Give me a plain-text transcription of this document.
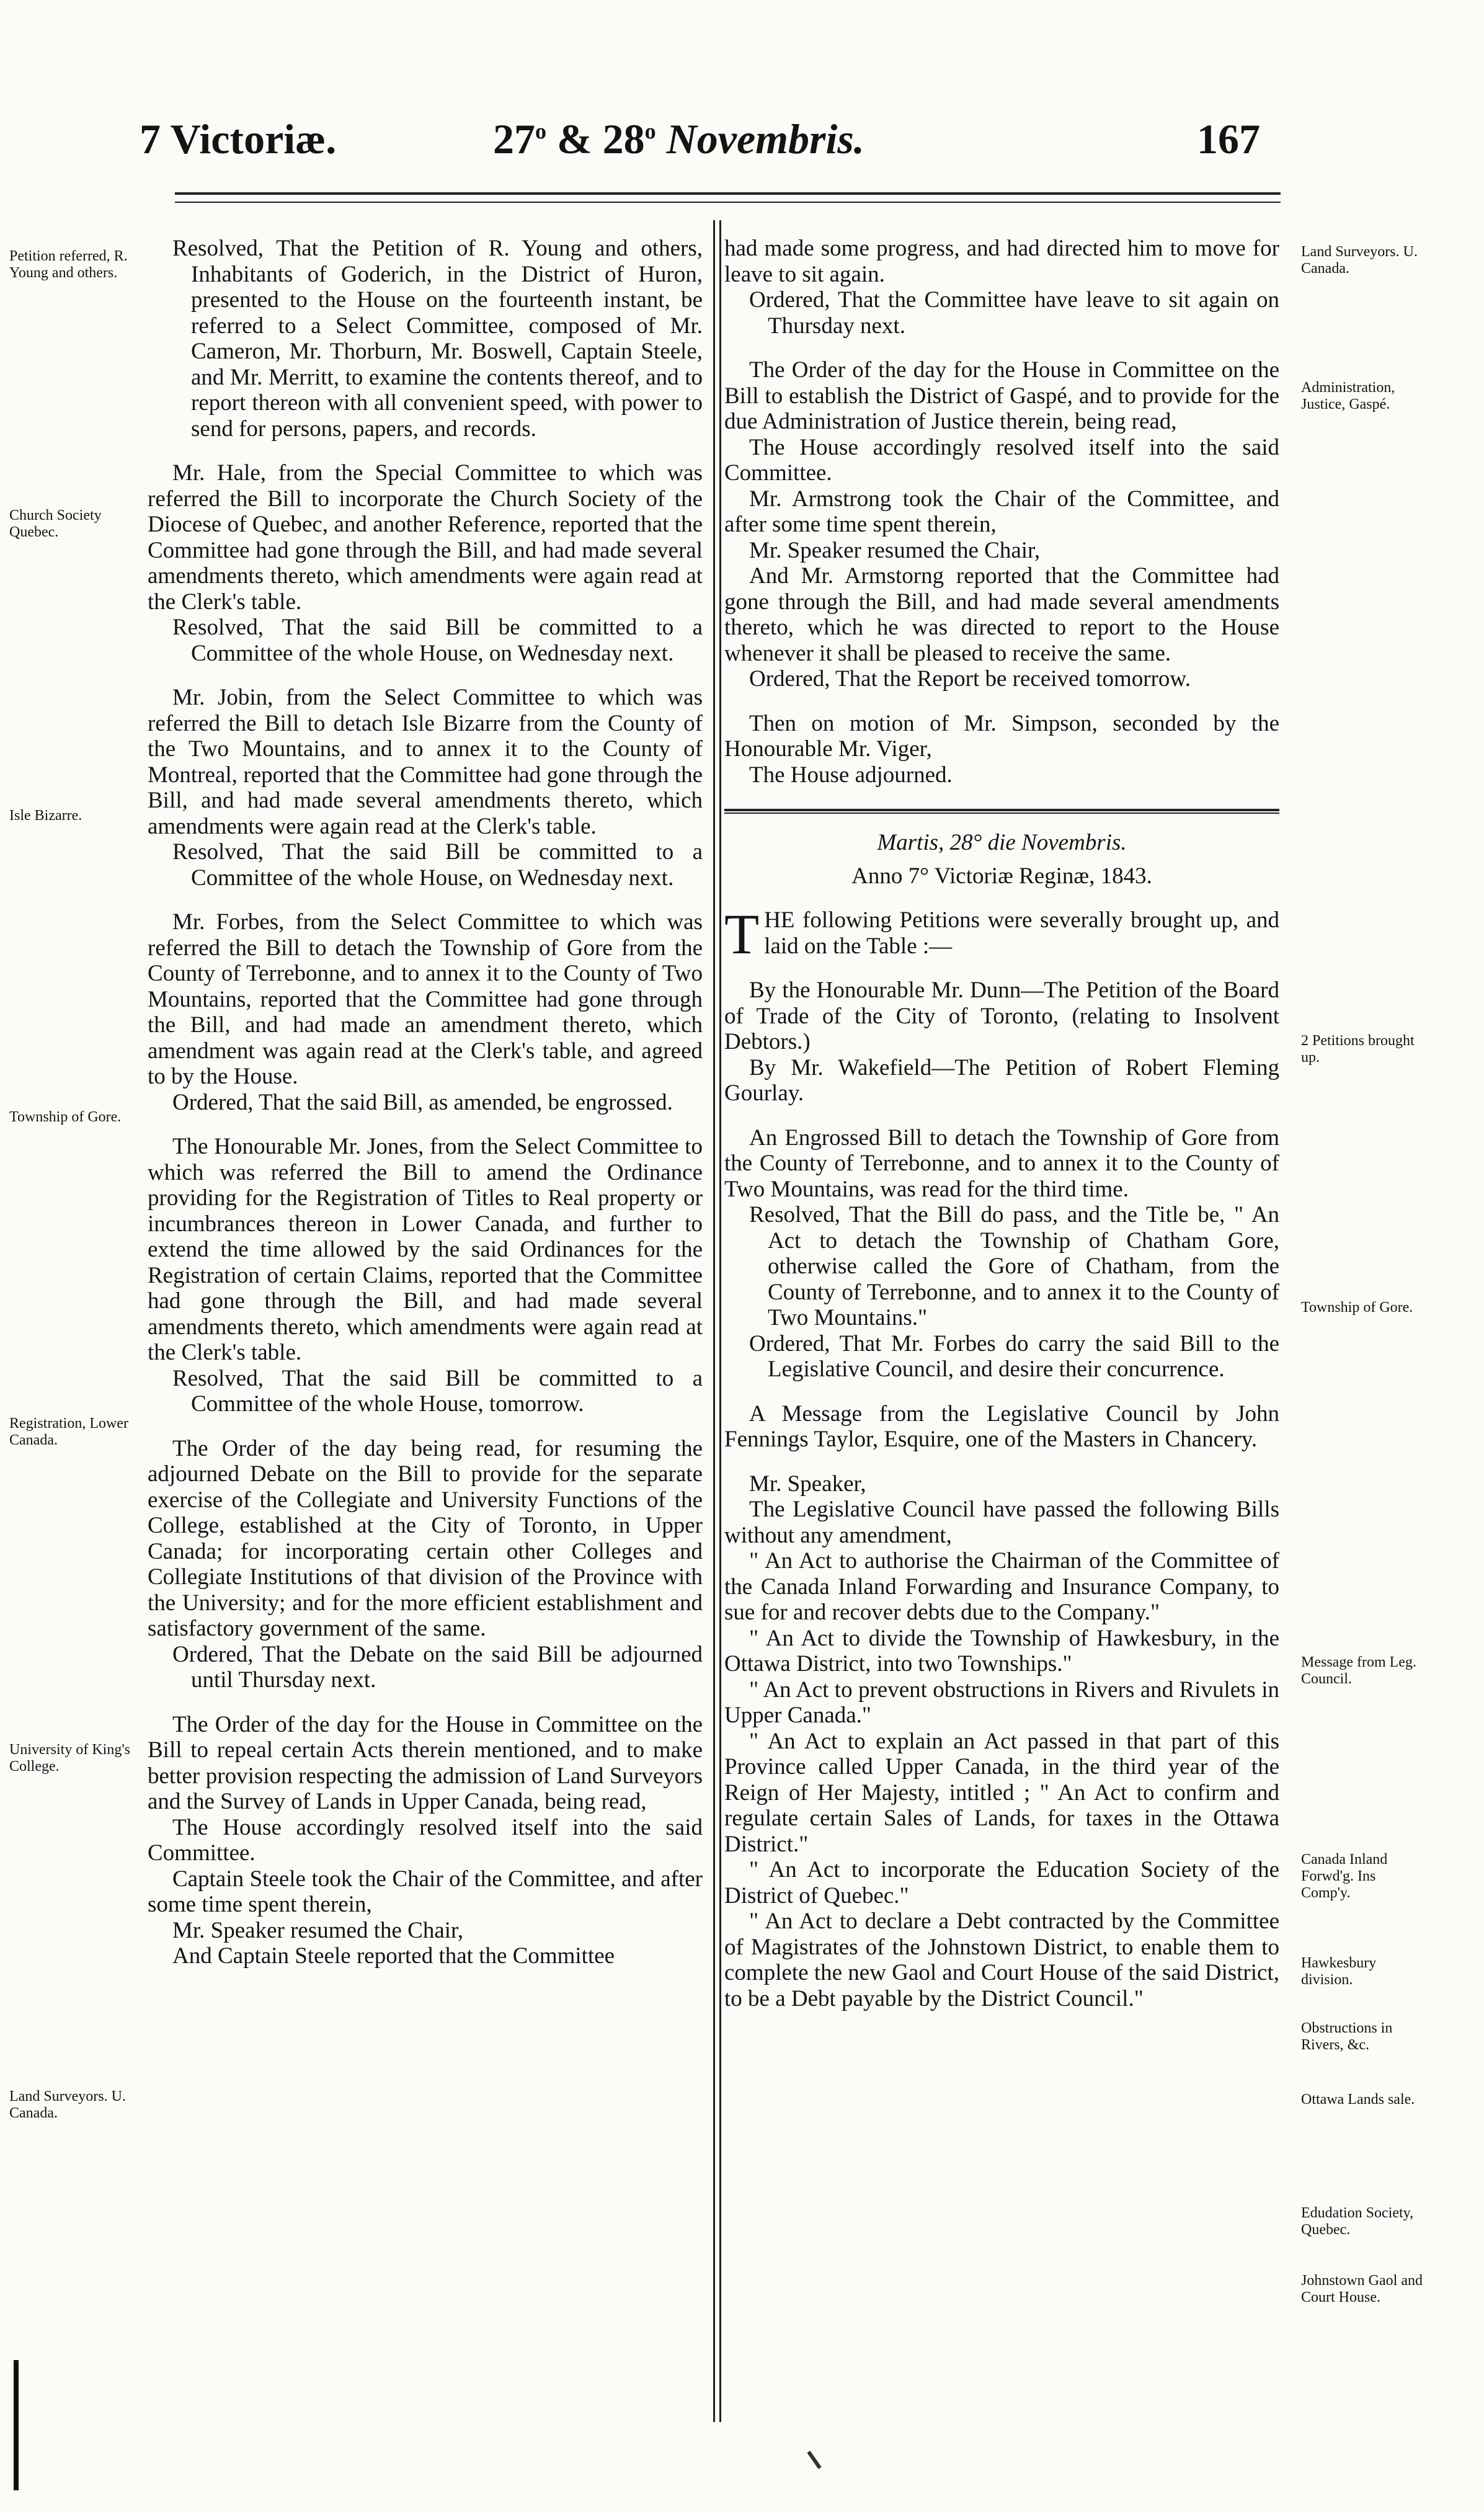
7 Victoriæ.	27$^o$ & 28$^o$ Novembris.	167
Petition referred, R. Young and others.
Church Society Quebec.
Isle Bizarre.
Township of Gore.
Registration, Lower Canada.
University of King's College.
Land Surveyors. U. Canada.
Land Surveyors. U. Canada.
Administration, Justice, Gaspé.
2 Petitions brought up.
Township of Gore.
Message from Leg. Council.
Canada Inland Forwd'g. Ins Comp'y.
Hawkesbury division.
Obstructions in Rivers, &c.
Ottawa Lands sale.
Edudation Society, Quebec.
Johnstown Gaol and Court House.

Resolved, That the Petition of R. Young and others, Inhabitants of Goderich, in the District of Huron, presented to the House on the fourteenth instant, be referred to a Select Committee, composed of Mr. Cameron, Mr. Thorburn, Mr. Boswell, Captain Steele, and Mr. Merritt, to examine the contents thereof, and to report thereon with all convenient speed, with power to send for persons, papers, and records.

Mr. Hale, from the Special Committee to which was referred the Bill to incorporate the Church Society of the Diocese of Quebec, and another Reference, reported that the Committee had gone through the Bill, and had made several amendments thereto, which amendments were again read at the Clerk's table.

Resolved, That the said Bill be committed to a Committee of the whole House, on Wednesday next.

Mr. Jobin, from the Select Committee to which was referred the Bill to detach Isle Bizarre from the County of the Two Mountains, and to annex it to the County of Montreal, reported that the Committee had gone through the Bill, and had made several amendments thereto, which amendments were again read at the Clerk's table.

Resolved, That the said Bill be committed to a Committee of the whole House, on Wednesday next.

Mr. Forbes, from the Select Committee to which was referred the Bill to detach the Township of Gore from the County of Terrebonne, and to annex it to the County of Two Mountains, reported that the Committee had gone through the Bill, and had made an amendment thereto, which amendment was again read at the Clerk's table, and agreed to by the House.

Ordered, That the said Bill, as amended, be engrossed.

The Honourable Mr. Jones, from the Select Committee to which was referred the Bill to amend the Ordinance providing for the Registration of Titles to Real property or incumbrances thereon in Lower Canada, and further to extend the time allowed by the said Ordinances for the Registration of certain Claims, reported that the Committee had gone through the Bill, and had made several amendments thereto, which amendments were again read at the Clerk's table.

Resolved, That the said Bill be committed to a Committee of the whole House, tomorrow.

The Order of the day being read, for resuming the adjourned Debate on the Bill to provide for the separate exercise of the Collegiate and University Functions of the College, established at the City of Toronto, in Upper Canada; for incorporating certain other Colleges and Collegiate Institutions of that division of the Province with the University; and for the more efficient establishment and satisfactory government of the same.

Ordered, That the Debate on the said Bill be adjourned until Thursday next.

The Order of the day for the House in Committee on the Bill to repeal certain Acts therein mentioned, and to make better provision respecting the admission of Land Surveyors and the Survey of Lands in Upper Canada, being read,

The House accordingly resolved itself into the said Committee.

Captain Steele took the Chair of the Committee, and after some time spent therein,

Mr. Speaker resumed the Chair,

And Captain Steele reported that the Committee

had made some progress, and had directed him to move for leave to sit again.

Ordered, That the Committee have leave to sit again on Thursday next.

The Order of the day for the House in Committee on the Bill to establish the District of Gaspé, and to provide for the due Administration of Justice therein, being read,

The House accordingly resolved itself into the said Committee.

Mr. Armstrong took the Chair of the Committee, and after some time spent therein,

Mr. Speaker resumed the Chair,

And Mr. Armstorng reported that the Committee had gone through the Bill, and had made several amendments thereto, which he was directed to report to the House whenever it shall be pleased to receive the same.

Ordered, That the Report be received tomorrow.

Then on motion of Mr. Simpson, seconded by the Honourable Mr. Viger,

The House adjourned.

Martis, 28° die Novembris.

Anno 7° Victoriæ Reginæ, 1843.

THE following Petitions were severally brought up, and laid on the Table :—

By the Honourable Mr. Dunn—The Petition of the Board of Trade of the City of Toronto, (relating to Insolvent Debtors.)

By Mr. Wakefield—The Petition of Robert Fleming Gourlay.

An Engrossed Bill to detach the Township of Gore from the County of Terrebonne, and to annex it to the County of Two Mountains, was read for the third time.

Resolved, That the Bill do pass, and the Title be, " An Act to detach the Township of Chatham Gore, otherwise called the Gore of Chatham, from the County of Terrebonne, and to annex it to the County of Two Mountains."

Ordered, That Mr. Forbes do carry the said Bill to the Legislative Council, and desire their concurrence.

A Message from the Legislative Council by John Fennings Taylor, Esquire, one of the Masters in Chancery.

Mr. Speaker,

The Legislative Council have passed the following Bills without any amendment,

" An Act to authorise the Chairman of the Committee of the Canada Inland Forwarding and Insurance Company, to sue for and recover debts due to the Company."

" An Act to divide the Township of Hawkesbury, in the Ottawa District, into two Townships."

" An Act to prevent obstructions in Rivers and Rivulets in Upper Canada."

" An Act to explain an Act passed in that part of this Province called Upper Canada, in the third year of the Reign of Her Majesty, intitled ; " An Act to confirm and regulate certain Sales of Lands, for taxes in the Ottawa District."

" An Act to incorporate the Education Society of the District of Quebec."

" An Act to declare a Debt contracted by the Committee of Magistrates of the Johnstown District, to enable them to complete the new Gaol and Court House of the said District, to be a Debt payable by the District Council."
